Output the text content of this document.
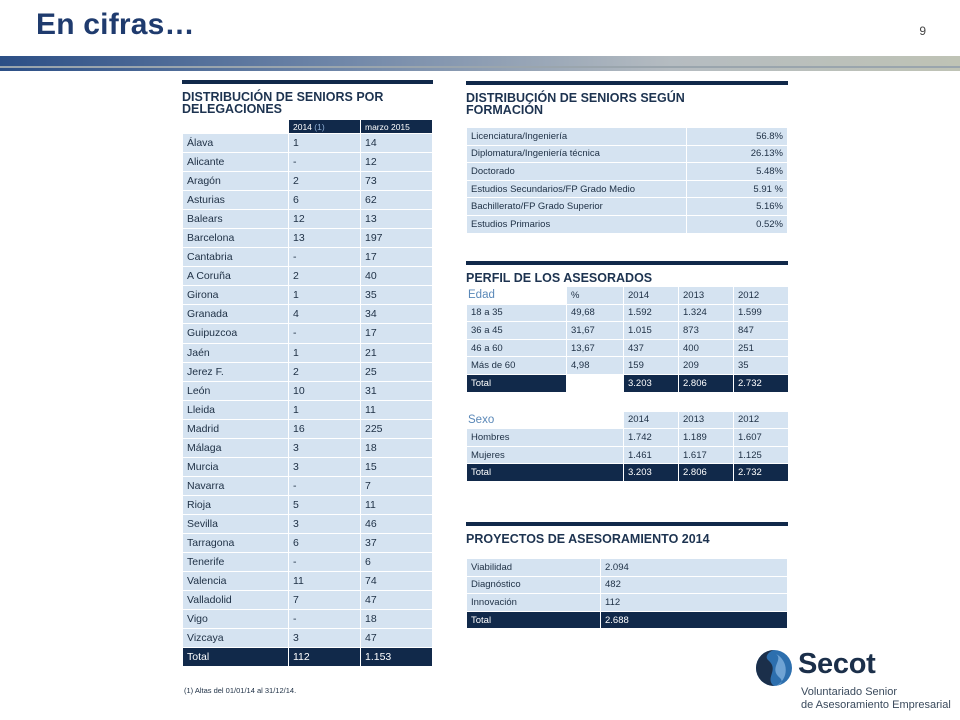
En cifras…	9
DISTRIBUCIÓN DE SENIORS POR
DELEGACIONES
	2014 (1)	marzo 2015
Álava	1	14
Alicante	-	12
Aragón	2	73
Asturias	6	62
Balears	12	13
Barcelona	13	197
Cantabria	-	17
A Coruña	2	40
Girona	1	35
Granada	4	34
Guipuzcoa	-	17
Jaén	1	21
Jerez F.	2	25
León	10	31
Lleida	1	11
Madrid	16	225
Málaga	3	18
Murcia	3	15
Navarra	-	7
Rioja	5	11
Sevilla	3	46
Tarragona	6	37
Tenerife	-	6
Valencia	11	74
Valladolid	7	47
Vigo	-	18
Vizcaya	3	47
Total	112	1.153
(1) Altas del 01/01/14 al 31/12/14.
DISTRIBUCIÓN DE SENIORS SEGÚN
FORMACIÓN
Licenciatura/Ingeniería	56.8%
Diplomatura/Ingeniería técnica	26.13%
Doctorado	5.48%
Estudios Secundarios/FP Grado Medio	5.91 %
Bachillerato/FP Grado Superior	5.16%
Estudios Primarios	0.52%
PERFIL DE LOS ASESORADOS
Edad	%	2014	2013	2012
18 a 35	49,68	1.592	1.324	1.599
36 a 45	31,67	1.015	873	847
46 a 60	13,67	437	400	251
Más de 60	4,98	159	209	35
Total		3.203	2.806	2.732
Sexo	2014	2013	2012
Hombres	1.742	1.189	1.607
Mujeres	1.461	1.617	1.125
Total	3.203	2.806	2.732
PROYECTOS DE ASESORAMIENTO 2014
Viabilidad	2.094
Diagnóstico	482
Innovación	112
Total	2.688
Secot
Voluntariado Senior
de Asesoramiento Empresarial
